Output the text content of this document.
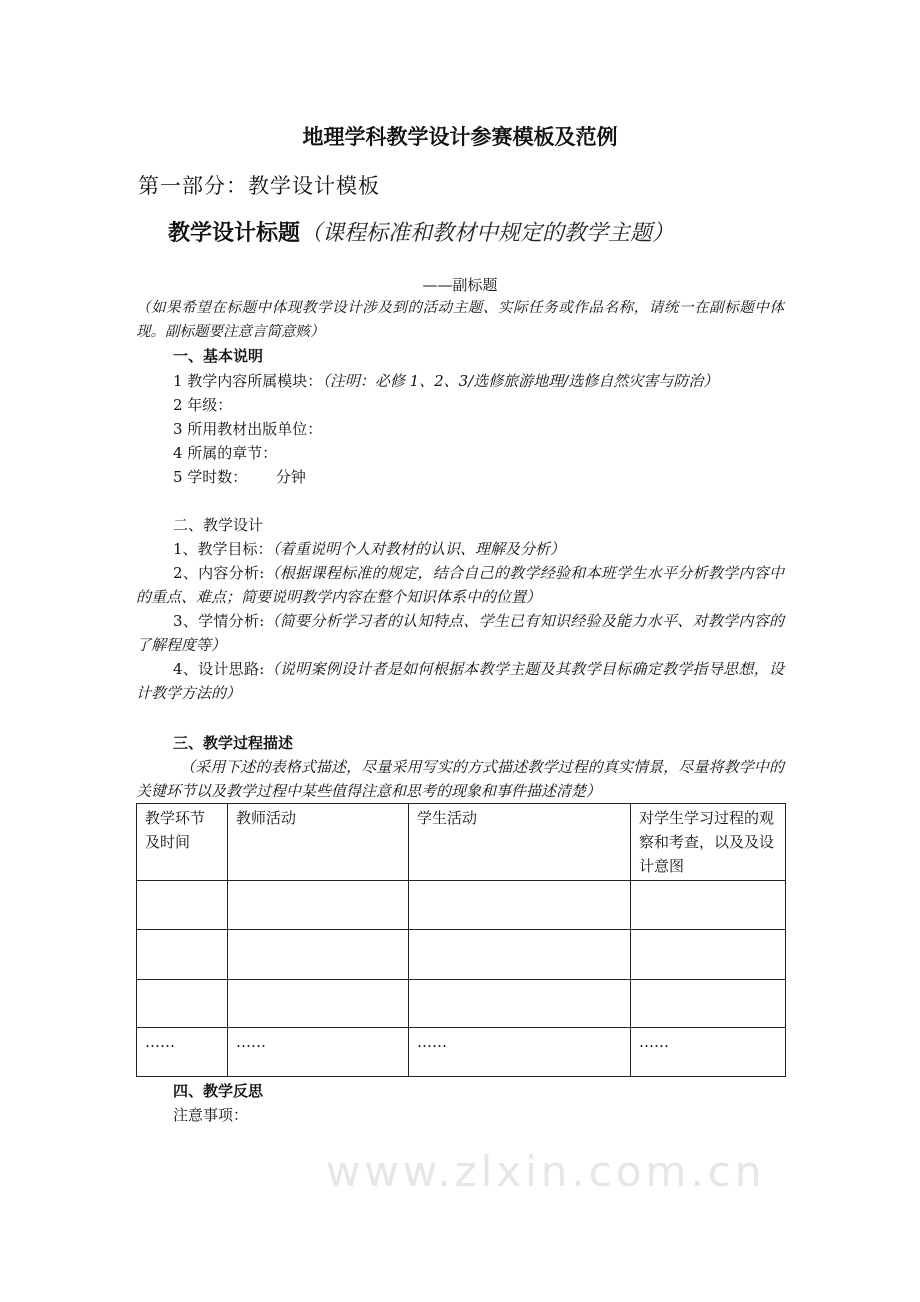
地理学科教学设计参赛模板及范例
第一部分：教学设计模板
教学设计标题（课程标准和教材中规定的教学主题）
——副标题
（如果希望在标题中体现教学设计涉及到的活动主题、实际任务或作品名称，请统一在副标题中体现。副标题要注意言简意赅）
一、基本说明
1 教学内容所属模块：（注明：必修 1、2、3/选修旅游地理/选修自然灾害与防治）
2 年级：
3 所用教材出版单位：
4 所属的章节：
5 学时数：      分钟
二、教学设计
1、教学目标：（着重说明个人对教材的认识、理解及分析）
2、内容分析:（根据课程标准的规定，结合自己的教学经验和本班学生水平分析教学内容中的重点、难点；简要说明教学内容在整个知识体系中的位置）
3、学情分析:（简要分析学习者的认知特点、学生已有知识经验及能力水平、对教学内容的了解程度等）
4、设计思路:（说明案例设计者是如何根据本教学主题及其教学目标确定教学指导思想，设计教学方法的）
三、教学过程描述
（采用下述的表格式描述，尽量采用写实的方式描述教学过程的真实情景，尽量将教学中的关键环节以及教学过程中某些值得注意和思考的现象和事件描述清楚）
教学环节及时间	教师活动	学生活动	对学生学习过程的观察和考查，以及及设计意图

……	……	……	……
四、教学反思
注意事项：
www.zlxin.com.cn
